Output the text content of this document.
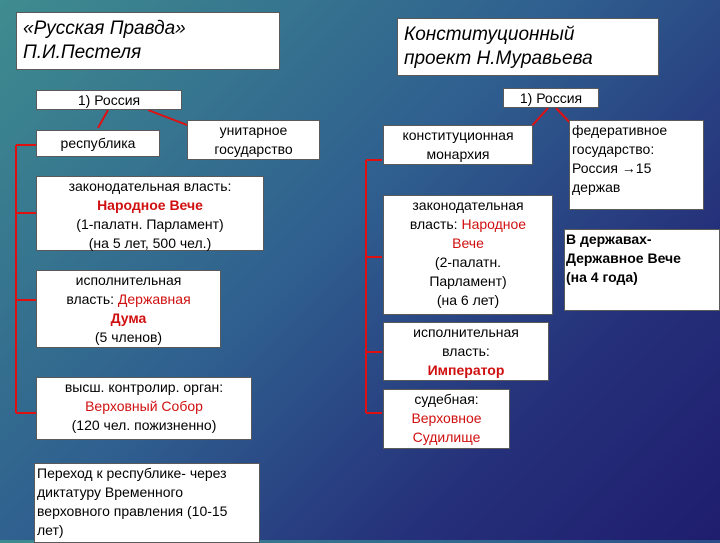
«Русская Правда»
П.И.Пестеля
Конституционный
проект Н.Муравьева
1) Россия
республика
унитарное
государство
законодательная власть:
Народное Вече
(1-палатн. Парламент)
(на 5 лет, 500 чел.)
исполнительная
власть: Державная
Дума
(5 членов)
высш. контролир. орган:
Верховный Собор
(120 чел. пожизненно)
Переход к республике- через
диктатуру Временного
верховного правления (10-15
лет)
1) Россия
конституционная
монархия
федеративное
государство:
Россия →15
держав
В державах-
Державное Вече
(на 4 года)
законодательная
власть: Народное
Вече
(2-палатн.
Парламент)
(на 6 лет)
исполнительная
власть:
Император
судебная:
Верховное
Судилище
